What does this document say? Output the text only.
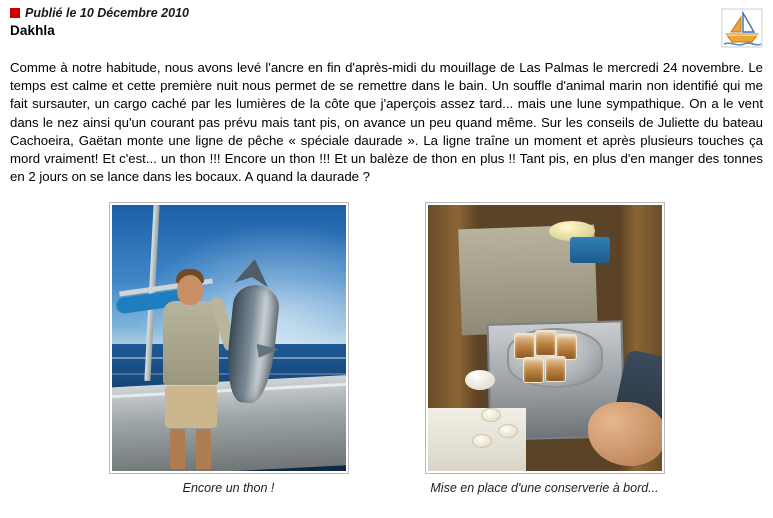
Publié le 10 Décembre 2010
Dakhla
Comme à notre habitude, nous avons levé l'ancre en fin d'après-midi du mouillage de Las Palmas le mercredi 24 novembre. Le temps est calme et cette première nuit nous permet de se remettre dans le bain. Un souffle d'animal marin non identifié qui me fait sursauter, un cargo caché par les lumières de la côte que j'aperçois assez tard... mais une lune sympathique. On a le vent dans le nez ainsi qu'un courant pas prévu mais tant pis, on avance un peu quand même. Sur les conseils de Juliette du bateau Cachoeira, Gaëtan monte une ligne de pêche « spéciale daurade ». La ligne traîne un moment et après plusieurs touches ça mord vraiment! Et c'est... un thon !!! Encore un thon !!! Et un balèze de thon en plus !! Tant pis, en plus d'en manger des tonnes en 2 jours on se lance dans les bocaux. A quand la daurade ?
Encore un thon !	Mise en place d'une conserverie à bord...
